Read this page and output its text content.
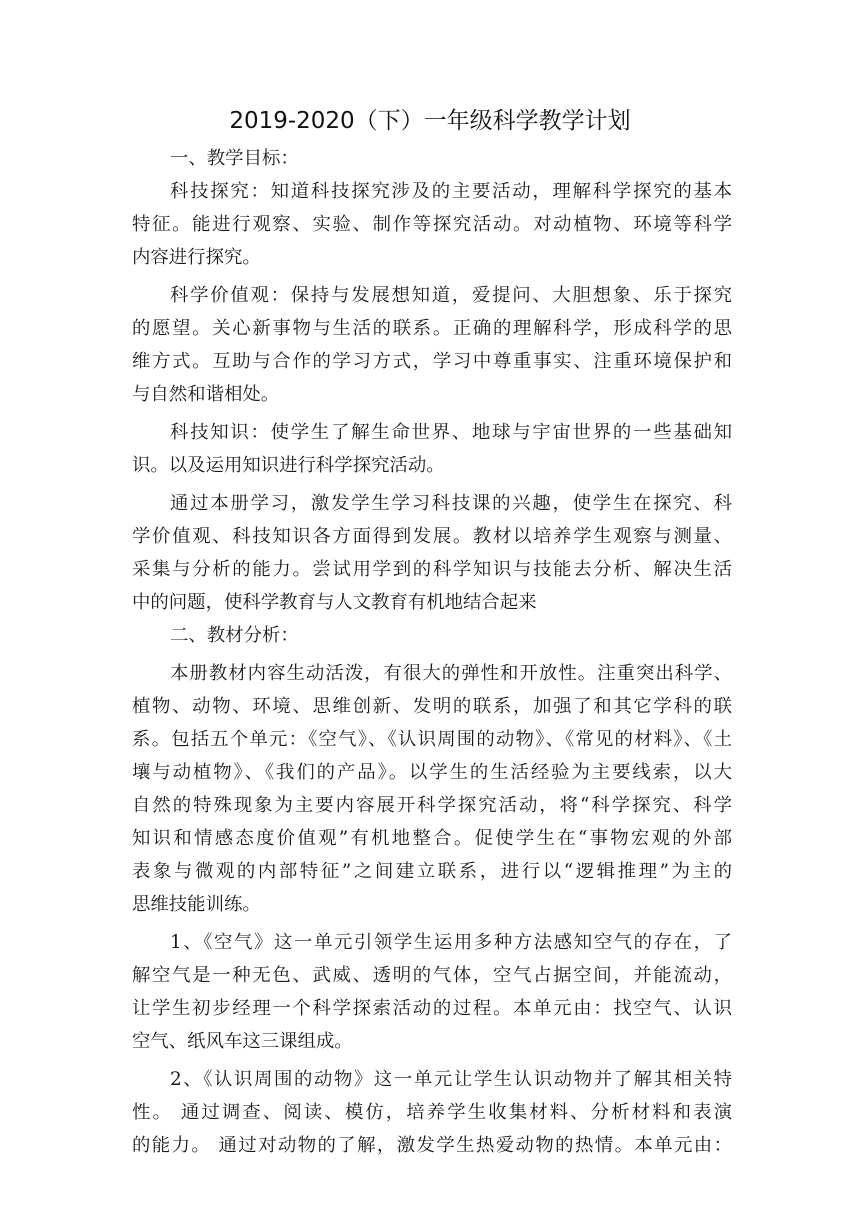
2019-2020（下）一年级科学教学计划
一、教学目标：
科技探究：知道科技探究涉及的主要活动，理解科学探究的基本
特征。能进行观察、实验、制作等探究活动。对动植物、环境等科学
内容进行探究。
科学价值观：保持与发展想知道，爱提问、大胆想象、乐于探究
的愿望。关心新事物与生活的联系。正确的理解科学，形成科学的思
维方式。互助与合作的学习方式，学习中尊重事实、注重环境保护和
与自然和谐相处。
科技知识：使学生了解生命世界、地球与宇宙世界的一些基础知
识。以及运用知识进行科学探究活动。
通过本册学习，激发学生学习科技课的兴趣，使学生在探究、科
学价值观、科技知识各方面得到发展。教材以培养学生观察与测量、
采集与分析的能力。尝试用学到的科学知识与技能去分析、解决生活
中的问题，使科学教育与人文教育有机地结合起来
二、教材分析：
本册教材内容生动活泼，有很大的弹性和开放性。注重突出科学、
植物、动物、环境、思维创新、发明的联系，加强了和其它学科的联
系。包括五个单元：《空气》、《认识周围的动物》、《常见的材料》、《土
壤与动植物》、《我们的产品》。以学生的生活经验为主要线索，以大
自然的特殊现象为主要内容展开科学探究活动，将“科学探究、科学
知识和情感态度价值观”有机地整合。促使学生在“事物宏观的外部
表象与微观的内部特征”之间建立联系，进行以“逻辑推理”为主的
思维技能训练。
1、《空气》这一单元引领学生运用多种方法感知空气的存在，了
解空气是一种无色、武威、透明的气体，空气占据空间，并能流动，
让学生初步经理一个科学探索活动的过程。本单元由：找空气、认识
空气、纸风车这三课组成。
2、《认识周围的动物》这一单元让学生认识动物并了解其相关特
性。 通过调查、阅读、模仿，培养学生收集材料、分析材料和表演
的能力。 通过对动物的了解，激发学生热爱动物的热情。本单元由：
